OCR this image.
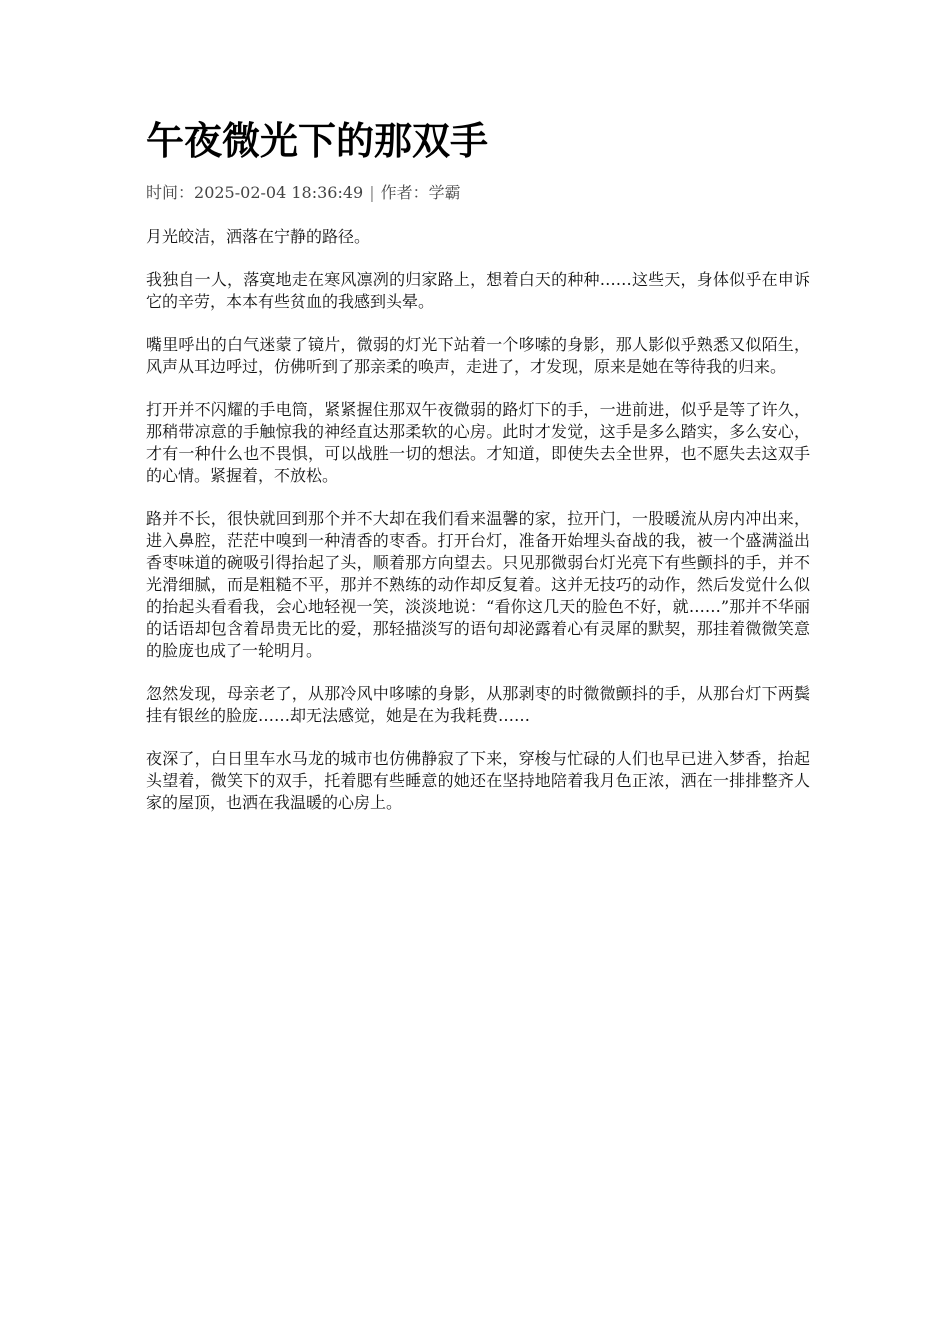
午夜微光下的那双手
时间：2025-02-04 18:36:49 | 作者：学霸

月光皎洁，洒落在宁静的路径。

我独自一人，落寞地走在寒风凛冽的归家路上，想着白天的种种……这些天，身体似乎在申诉它的辛劳，本本有些贫血的我感到头晕。

嘴里呼出的白气迷蒙了镜片，微弱的灯光下站着一个哆嗦的身影，那人影似乎熟悉又似陌生，风声从耳边呼过，仿佛听到了那亲柔的唤声，走进了，才发现，原来是她在等待我的归来。

打开并不闪耀的手电筒，紧紧握住那双午夜微弱的路灯下的手，一进前进，似乎是等了许久，那稍带凉意的手触惊我的神经直达那柔软的心房。此时才发觉，这手是多么踏实，多么安心，才有一种什么也不畏惧，可以战胜一切的想法。才知道，即使失去全世界，也不愿失去这双手的心情。紧握着，不放松。

路并不长，很快就回到那个并不大却在我们看来温馨的家，拉开门，一股暖流从房内冲出来，进入鼻腔，茫茫中嗅到一种清香的枣香。打开台灯，准备开始埋头奋战的我，被一个盛满溢出香枣味道的碗吸引得抬起了头，顺着那方向望去。只见那微弱台灯光亮下有些颤抖的手，并不光滑细腻，而是粗糙不平，那并不熟练的动作却反复着。这并无技巧的动作，然后发觉什么似的抬起头看看我，会心地轻视一笑，淡淡地说：“看你这几天的脸色不好，就……”那并不华丽的话语却包含着昂贵无比的爱，那轻描淡写的语句却泌露着心有灵犀的默契，那挂着微微笑意的脸庞也成了一轮明月。

忽然发现，母亲老了，从那冷风中哆嗦的身影，从那剥枣的时微微颤抖的手，从那台灯下两鬓挂有银丝的脸庞……却无法感觉，她是在为我耗费……

夜深了，白日里车水马龙的城市也仿佛静寂了下来，穿梭与忙碌的人们也早已进入梦香，抬起头望着，微笑下的双手，托着腮有些睡意的她还在坚持地陪着我月色正浓，洒在一排排整齐人家的屋顶，也洒在我温暖的心房上。
